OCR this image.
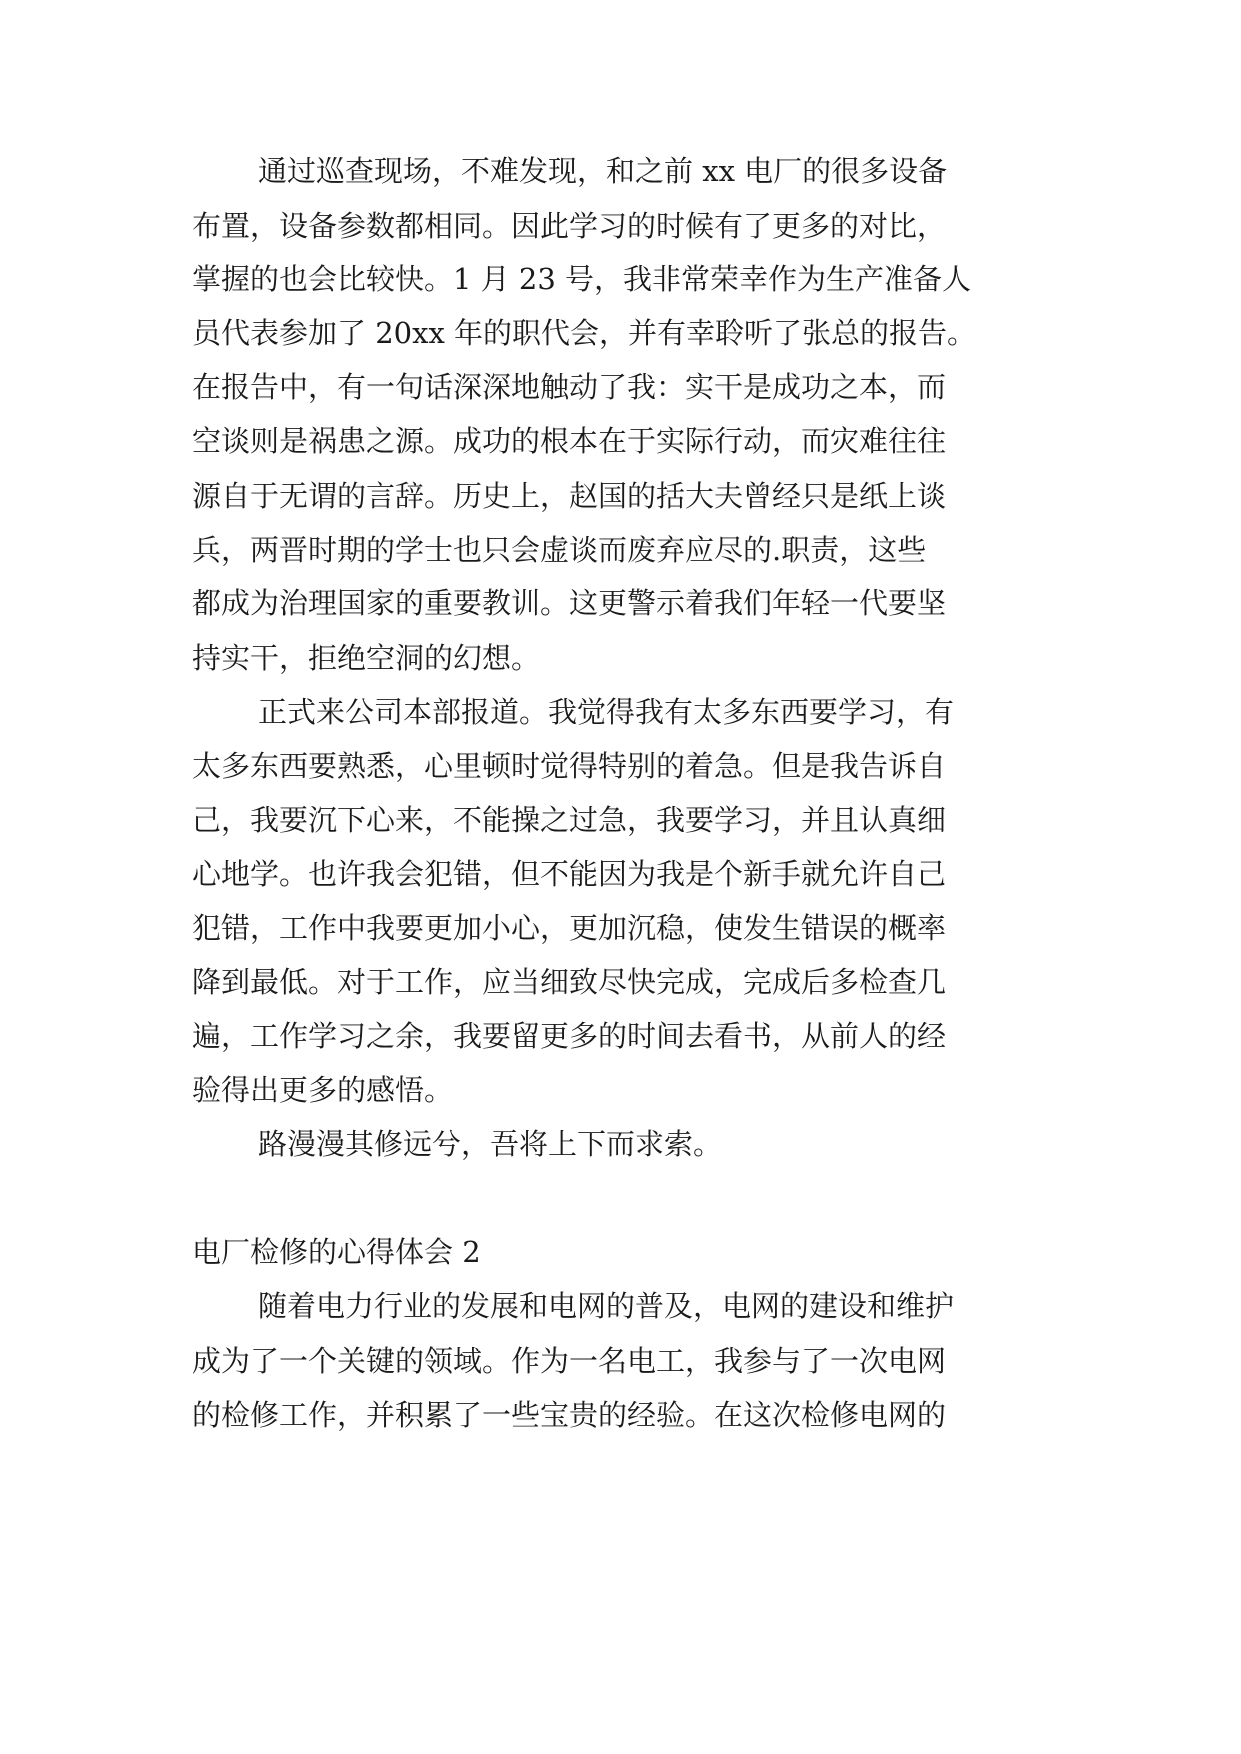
通过巡查现场，不难发现，和之前 xx 电厂的很多设备
布置，设备参数都相同。因此学习的时候有了更多的对比，
掌握的也会比较快。1 月 23 号，我非常荣幸作为生产准备人
员代表参加了 20xx 年的职代会，并有幸聆听了张总的报告。
在报告中，有一句话深深地触动了我：实干是成功之本，而
空谈则是祸患之源。成功的根本在于实际行动，而灾难往往
源自于无谓的言辞。历史上，赵国的括大夫曾经只是纸上谈
兵，两晋时期的学士也只会虚谈而废弃应尽的.职责，这些
都成为治理国家的重要教训。这更警示着我们年轻一代要坚
持实干，拒绝空洞的幻想。
正式来公司本部报道。我觉得我有太多东西要学习，有
太多东西要熟悉，心里顿时觉得特别的着急。但是我告诉自
己，我要沉下心来，不能操之过急，我要学习，并且认真细
心地学。也许我会犯错，但不能因为我是个新手就允许自己
犯错，工作中我要更加小心，更加沉稳，使发生错误的概率
降到最低。对于工作，应当细致尽快完成，完成后多检查几
遍，工作学习之余，我要留更多的时间去看书，从前人的经
验得出更多的感悟。
路漫漫其修远兮，吾将上下而求索。
电厂检修的心得体会 2
随着电力行业的发展和电网的普及，电网的建设和维护
成为了一个关键的领域。作为一名电工，我参与了一次电网
的检修工作，并积累了一些宝贵的经验。在这次检修电网的
